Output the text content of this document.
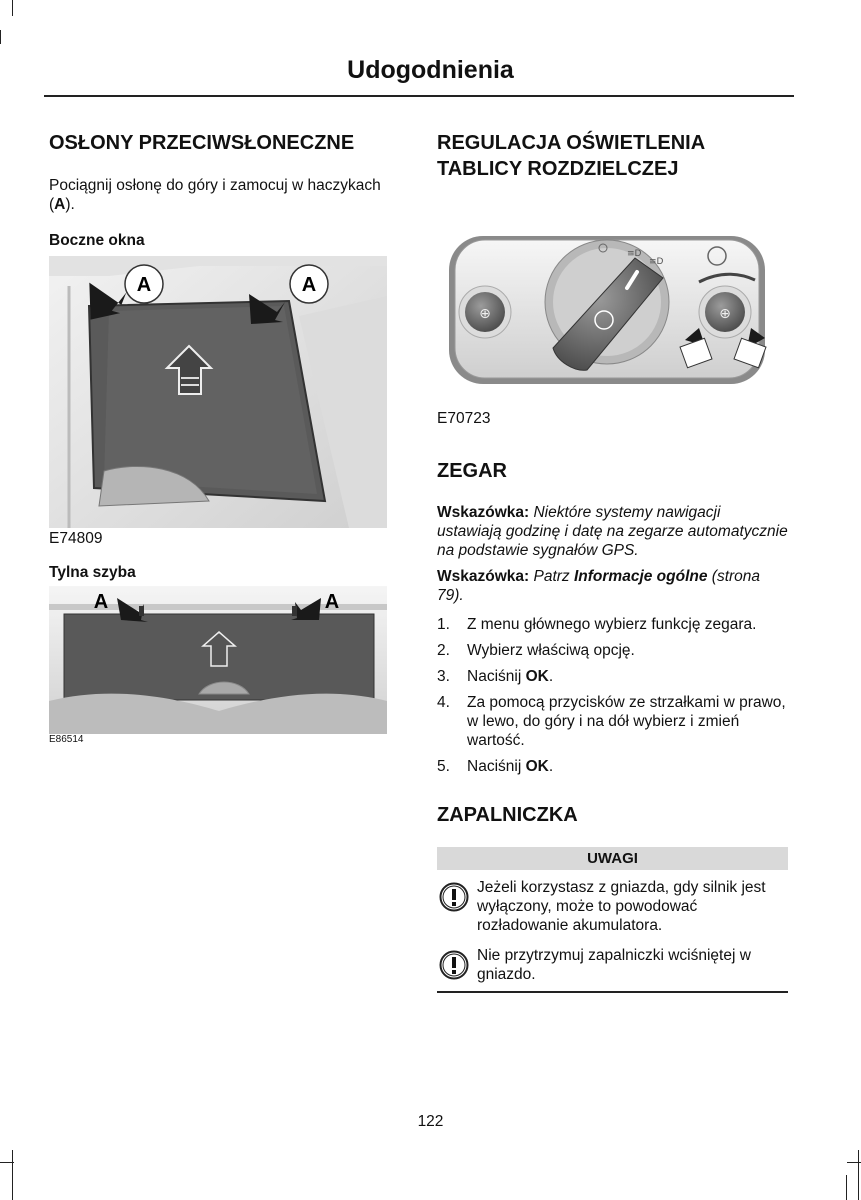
Udogodnienia
OSŁONY PRZECIWSŁONECZNE

Pociągnij osłonę do góry i zamocuj w haczykach (A).

Boczne okna
A	A
E74809
Tylna szyba
A	A
E86514
REGULACJA OŚWIETLENIA
TABLICY ROZDZIELCZEJ
⊕	⊕
≡D
≡D
E70723
ZEGAR

Wskazówka: Niektóre systemy nawigacji ustawiają godzinę i datę na zegarze automatycznie na podstawie sygnałów GPS.

Wskazówka: Patrz Informacje ogólne (strona 79).

1. Z menu głównego wybierz funkcję zegara.
2. Wybierz właściwą opcję.
3. Naciśnij OK.
4. Za pomocą przycisków ze strzałkami w prawo, w lewo, do góry i na dół wybierz i zmień wartość.
5. Naciśnij OK.
ZAPALNICZKA
UWAGI

Jeżeli korzystasz z gniazda, gdy silnik jest wyłączony, może to powodować rozładowanie akumulatora.

Nie przytrzymuj zapalniczki wciśniętej w gniazdo.

122
